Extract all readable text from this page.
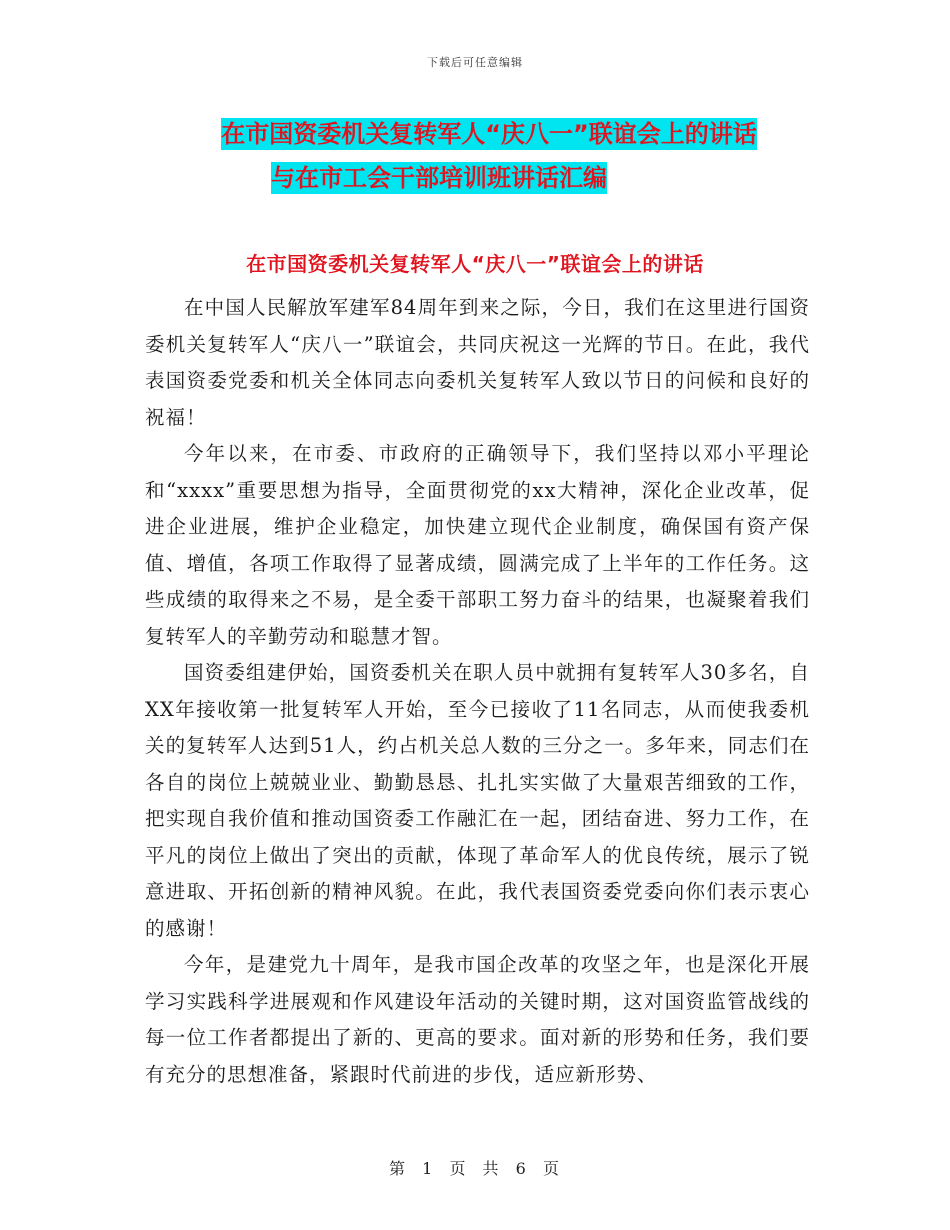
下载后可任意编辑
在市国资委机关复转军人“庆八一”联谊会上的讲话
与在市工会干部培训班讲话汇编
在市国资委机关复转军人“庆八一”联谊会上的讲话

在中国人民解放军建军84周年到来之际，今日，我们在这里进行国资委机关复转军人“庆八一”联谊会，共同庆祝这一光辉的节日。在此，我代表国资委党委和机关全体同志向委机关复转军人致以节日的问候和良好的祝福！

今年以来，在市委、市政府的正确领导下，我们坚持以邓小平理论和“xxxx”重要思想为指导，全面贯彻党的xx大精神，深化企业改革，促进企业进展，维护企业稳定，加快建立现代企业制度，确保国有资产保值、增值，各项工作取得了显著成绩，圆满完成了上半年的工作任务。这些成绩的取得来之不易，是全委干部职工努力奋斗的结果，也凝聚着我们复转军人的辛勤劳动和聪慧才智。

国资委组建伊始，国资委机关在职人员中就拥有复转军人30多名，自XX年接收第一批复转军人开始，至今已接收了11名同志，从而使我委机关的复转军人达到51人，约占机关总人数的三分之一。多年来，同志们在各自的岗位上兢兢业业、勤勤恳恳、扎扎实实做了大量艰苦细致的工作，把实现自我价值和推动国资委工作融汇在一起，团结奋进、努力工作，在平凡的岗位上做出了突出的贡献，体现了革命军人的优良传统，展示了锐意进取、开拓创新的精神风貌。在此，我代表国资委党委向你们表示衷心的感谢！

今年，是建党九十周年，是我市国企改革的攻坚之年，也是深化开展学习实践科学进展观和作风建设年活动的关键时期，这对国资监管战线的每一位工作者都提出了新的、更高的要求。面对新的形势和任务，我们要有充分的思想准备，紧跟时代前进的步伐，适应新形势、

第 1 页 共 6 页
